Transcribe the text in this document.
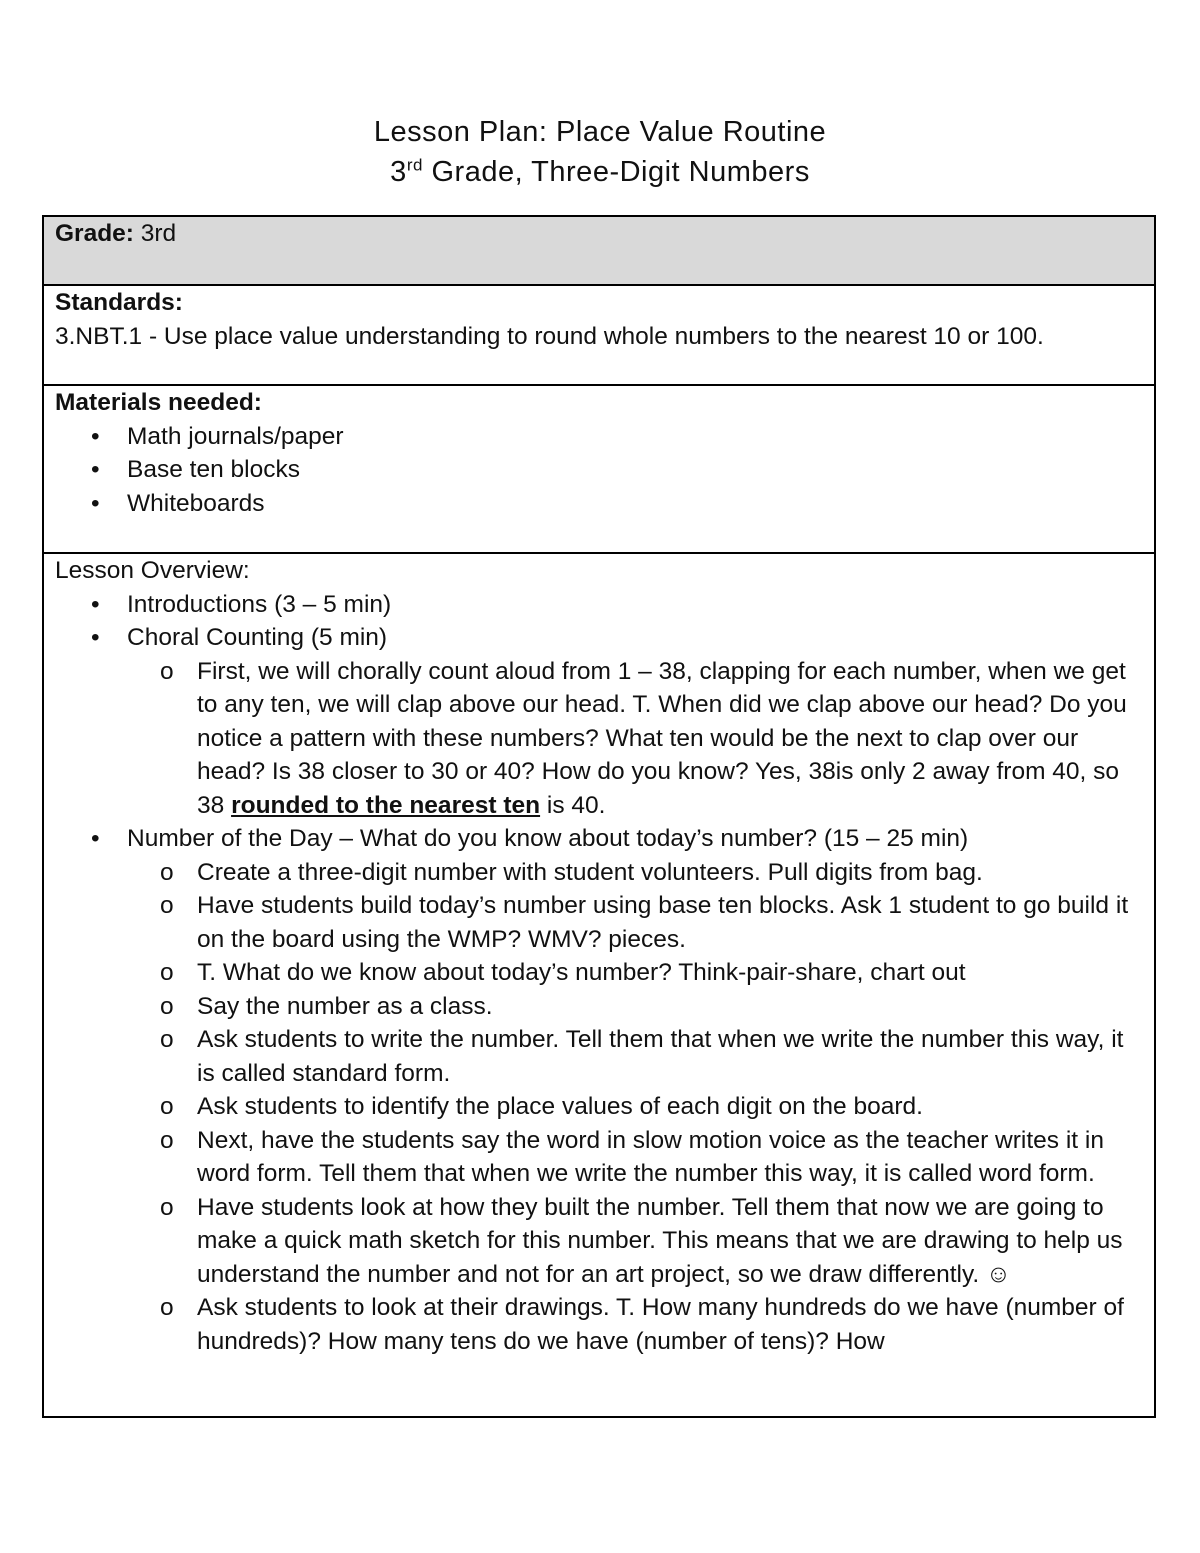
Lesson Plan: Place Value Routine
3rd Grade, Three-Digit Numbers
Grade: 3rd

Standards:
3.NBT.1 - Use place value understanding to round whole numbers to the nearest 10 or 100.

Materials needed:
• Math journals/paper
• Base ten blocks
• Whiteboards

Lesson Overview:
• Introductions (3 – 5 min)
• Choral Counting (5 min)
o First, we will chorally count aloud from 1 – 38, clapping for each number, when we get to any ten, we will clap above our head. T. When did we clap above our head? Do you notice a pattern with these numbers? What ten would be the next to clap over our head? Is 38 closer to 30 or 40? How do you know? Yes, 38is only 2 away from 40, so 38 rounded to the nearest ten is 40.
• Number of the Day – What do you know about today’s number? (15 – 25 min)
o Create a three-digit number with student volunteers. Pull digits from bag.
o Have students build today’s number using base ten blocks. Ask 1 student to go build it on the board using the WMP? WMV? pieces.
o T. What do we know about today’s number? Think-pair-share, chart out
o Say the number as a class.
o Ask students to write the number. Tell them that when we write the number this way, it is called standard form.
o Ask students to identify the place values of each digit on the board.
o Next, have the students say the word in slow motion voice as the teacher writes it in word form. Tell them that when we write the number this way, it is called word form.
o Have students look at how they built the number. Tell them that now we are going to make a quick math sketch for this number. This means that we are drawing to help us understand the number and not for an art project, so we draw differently. ☺
o Ask students to look at their drawings. T. How many hundreds do we have (number of hundreds)? How many tens do we have (number of tens)? How
